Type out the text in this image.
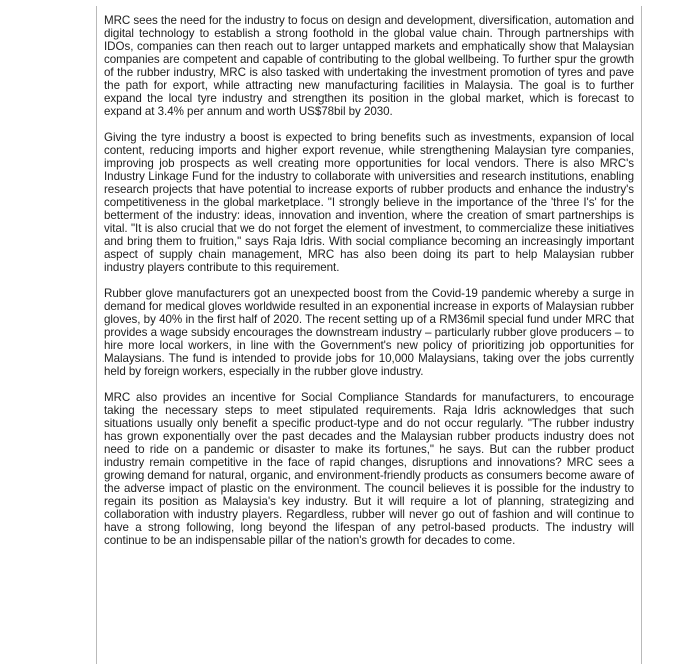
MRC sees the need for the industry to focus on design and development, diversification, automation and digital technology to establish a strong foothold in the global value chain. Through partnerships with IDOs, companies can then reach out to larger untapped markets and emphatically show that Malaysian companies are competent and capable of contributing to the global wellbeing. To further spur the growth of the rubber industry, MRC is also tasked with undertaking the investment promotion of tyres and pave the path for export, while attracting new manufacturing facilities in Malaysia. The goal is to further expand the local tyre industry and strengthen its position in the global market, which is forecast to expand at 3.4% per annum and worth US$78bil by 2030.

Giving the tyre industry a boost is expected to bring benefits such as investments, expansion of local content, reducing imports and higher export revenue, while strengthening Malaysian tyre companies, improving job prospects as well creating more opportunities for local vendors. There is also MRC's Industry Linkage Fund for the industry to collaborate with universities and research institutions, enabling research projects that have potential to increase exports of rubber products and enhance the industry's competitiveness in the global marketplace. "I strongly believe in the importance of the 'three I's' for the betterment of the industry: ideas, innovation and invention, where the creation of smart partnerships is vital. "It is also crucial that we do not forget the element of investment, to commercialize these initiatives and bring them to fruition," says Raja Idris. With social compliance becoming an increasingly important aspect of supply chain management, MRC has also been doing its part to help Malaysian rubber industry players contribute to this requirement.

Rubber glove manufacturers got an unexpected boost from the Covid-19 pandemic whereby a surge in demand for medical gloves worldwide resulted in an exponential increase in exports of Malaysian rubber gloves, by 40% in the first half of 2020. The recent setting up of a RM36mil special fund under MRC that provides a wage subsidy encourages the downstream industry – particularly rubber glove producers – to hire more local workers, in line with the Government's new policy of prioritizing job opportunities for Malaysians. The fund is intended to provide jobs for 10,000 Malaysians, taking over the jobs currently held by foreign workers, especially in the rubber glove industry.

MRC also provides an incentive for Social Compliance Standards for manufacturers, to encourage taking the necessary steps to meet stipulated requirements. Raja Idris acknowledges that such situations usually only benefit a specific product-type and do not occur regularly. "The rubber industry has grown exponentially over the past decades and the Malaysian rubber products industry does not need to ride on a pandemic or disaster to make its fortunes," he says. But can the rubber product industry remain competitive in the face of rapid changes, disruptions and innovations? MRC sees a growing demand for natural, organic, and environment-friendly products as consumers become aware of the adverse impact of plastic on the environment. The council believes it is possible for the industry to regain its position as Malaysia's key industry. But it will require a lot of planning, strategizing and collaboration with industry players. Regardless, rubber will never go out of fashion and will continue to have a strong following, long beyond the lifespan of any petrol-based products. The industry will continue to be an indispensable pillar of the nation's growth for decades to come.
